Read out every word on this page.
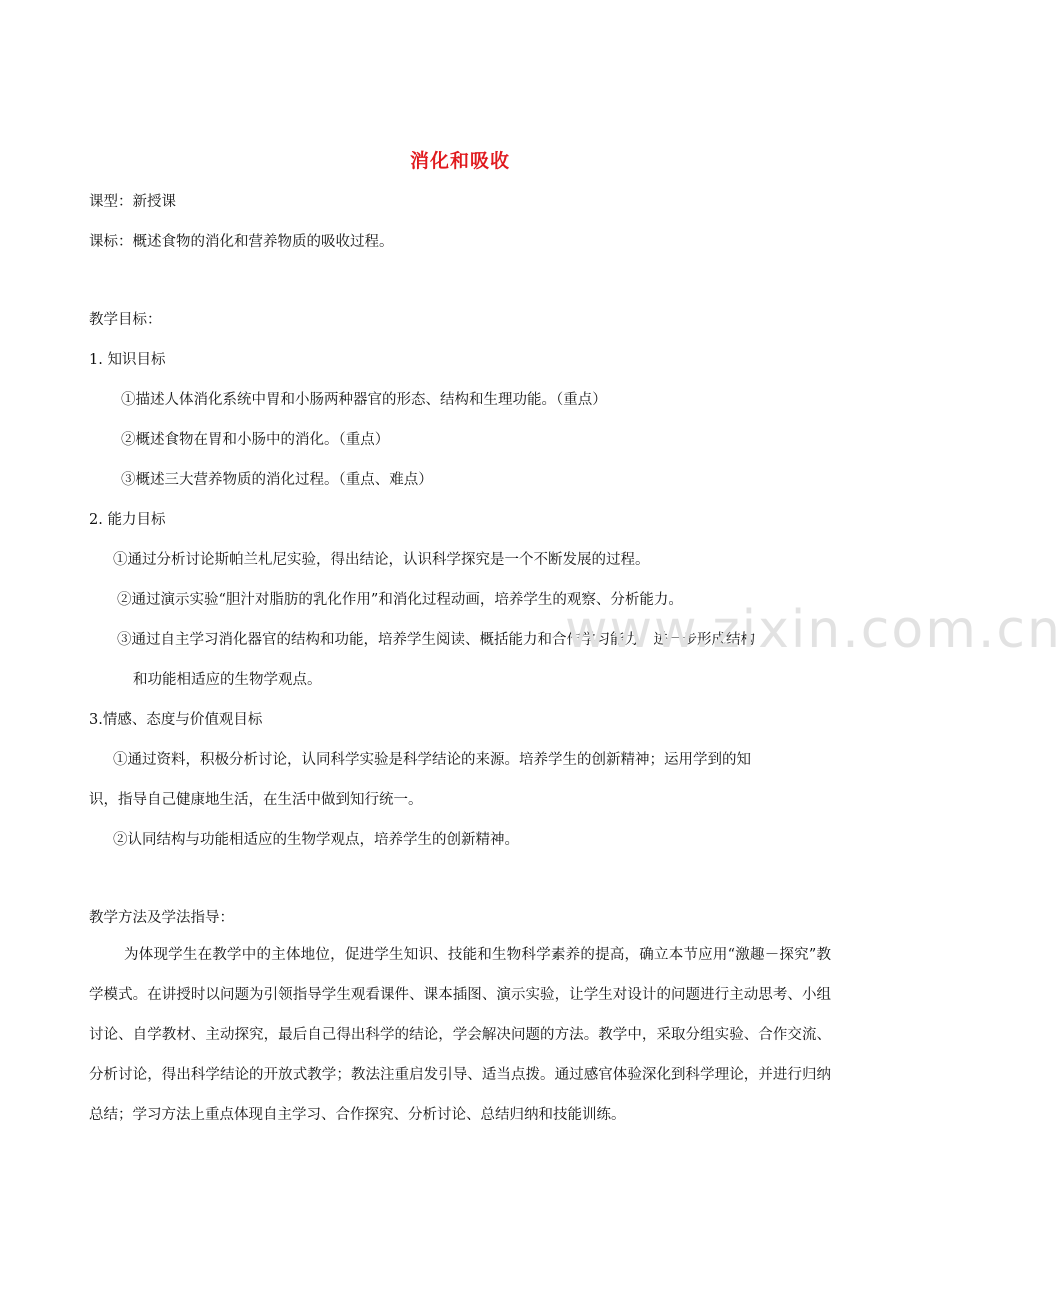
消化和吸收
课型：新授课
课标：概述食物的消化和营养物质的吸收过程。
教学目标：
1. 知识目标
①描述人体消化系统中胃和小肠两种器官的形态、结构和生理功能。（重点）
②概述食物在胃和小肠中的消化。（重点）
③概述三大营养物质的消化过程。（重点、难点）
2. 能力目标
①通过分析讨论斯帕兰札尼实验，得出结论，认识科学探究是一个不断发展的过程。
②通过演示实验“胆汁对脂肪的乳化作用”和消化过程动画，培养学生的观察、分析能力。
③通过自主学习消化器官的结构和功能，培养学生阅读、概括能力和合作学习能力，进一步形成结构
和功能相适应的生物学观点。
3.情感、态度与价值观目标
①通过资料，积极分析讨论，认同科学实验是科学结论的来源。培养学生的创新精神；运用学到的知
识，指导自己健康地生活，在生活中做到知行统一。
②认同结构与功能相适应的生物学观点，培养学生的创新精神。
教学方法及学法指导：
为体现学生在教学中的主体地位，促进学生知识、技能和生物科学素养的提高，确立本节应用“激趣－探究”教学模式。在讲授时以问题为引领指导学生观看课件、课本插图、演示实验，让学生对设计的问题进行主动思考、小组讨论、自学教材、主动探究，最后自己得出科学的结论，学会解决问题的方法。教学中，采取分组实验、合作交流、分析讨论，得出科学结论的开放式教学；教法注重启发引导、适当点拨。通过感官体验深化到科学理论，并进行归纳总结；学习方法上重点体现自主学习、合作探究、分析讨论、总结归纳和技能训练。
www.zixin.com.cn
